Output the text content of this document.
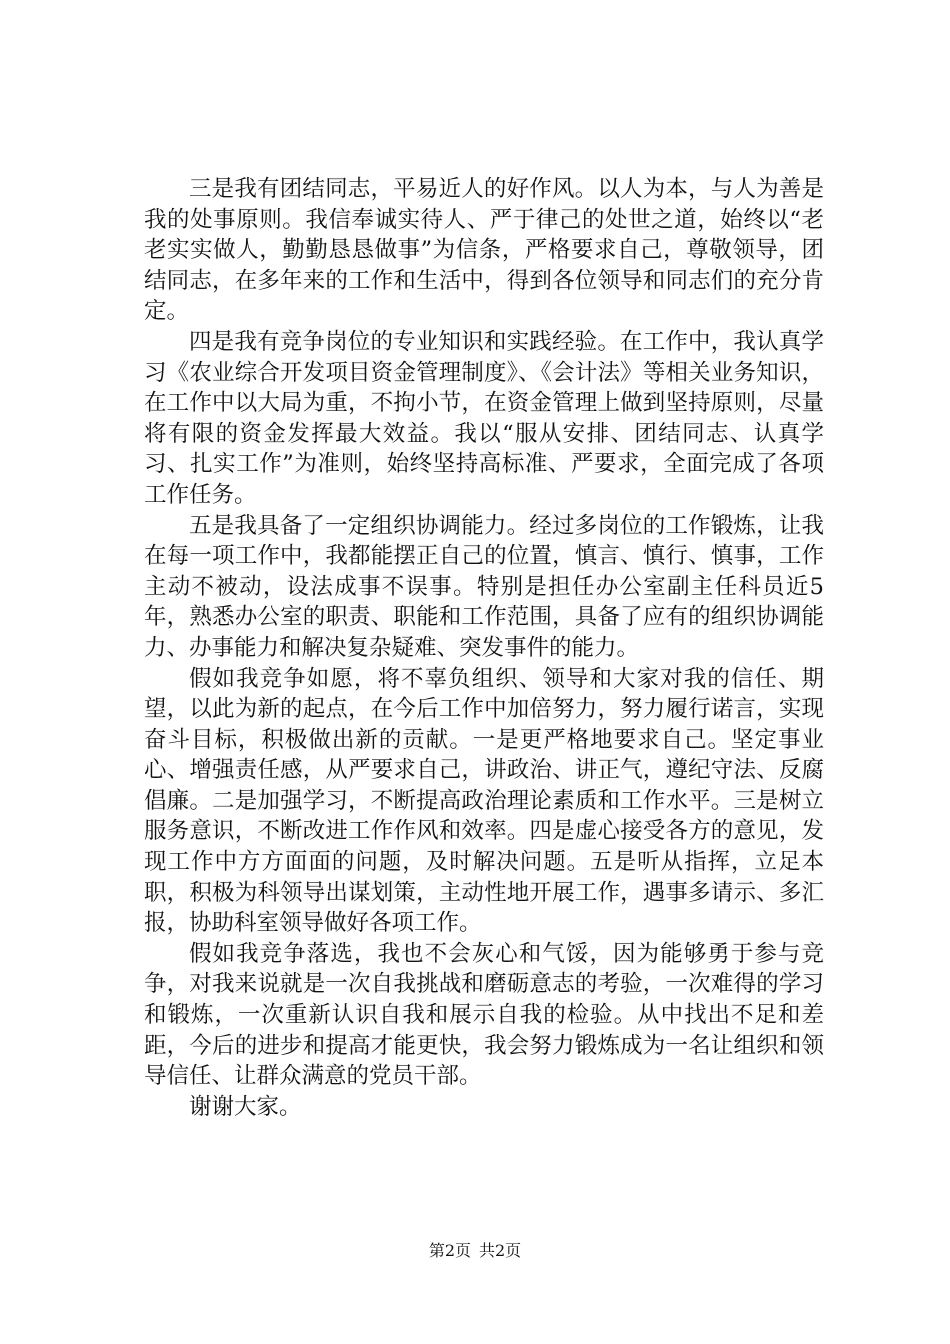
三是我有团结同志，平易近人的好作风。以人为本，与人为善是我的处事原则。我信奉诚实待人、严于律己的处世之道，始终以“老老实实做人，勤勤恳恳做事”为信条，严格要求自己，尊敬领导，团结同志，在多年来的工作和生活中，得到各位领导和同志们的充分肯定。

四是我有竞争岗位的专业知识和实践经验。在工作中，我认真学习《农业综合开发项目资金管理制度》、《会计法》等相关业务知识，在工作中以大局为重，不拘小节，在资金管理上做到坚持原则，尽量将有限的资金发挥最大效益。我以“服从安排、团结同志、认真学习、扎实工作”为准则，始终坚持高标准、严要求，全面完成了各项工作任务。

五是我具备了一定组织协调能力。经过多岗位的工作锻炼，让我在每一项工作中，我都能摆正自己的位置，慎言、慎行、慎事，工作主动不被动，设法成事不误事。特别是担任办公室副主任科员近5年，熟悉办公室的职责、职能和工作范围，具备了应有的组织协调能力、办事能力和解决复杂疑难、突发事件的能力。

假如我竞争如愿，将不辜负组织、领导和大家对我的信任、期望，以此为新的起点，在今后工作中加倍努力，努力履行诺言，实现奋斗目标，积极做出新的贡献。一是更严格地要求自己。坚定事业心、增强责任感，从严要求自己，讲政治、讲正气，遵纪守法、反腐倡廉。二是加强学习，不断提高政治理论素质和工作水平。三是树立服务意识，不断改进工作作风和效率。四是虚心接受各方的意见，发现工作中方方面面的问题，及时解决问题。五是听从指挥，立足本职，积极为科领导出谋划策，主动性地开展工作，遇事多请示、多汇报，协助科室领导做好各项工作。

假如我竞争落选，我也不会灰心和气馁，因为能够勇于参与竞争，对我来说就是一次自我挑战和磨砺意志的考验，一次难得的学习和锻炼，一次重新认识自我和展示自我的检验。从中找出不足和差距，今后的进步和提高才能更快，我会努力锻炼成为一名让组织和领导信任、让群众满意的党员干部。

谢谢大家。

第2页 共2页
